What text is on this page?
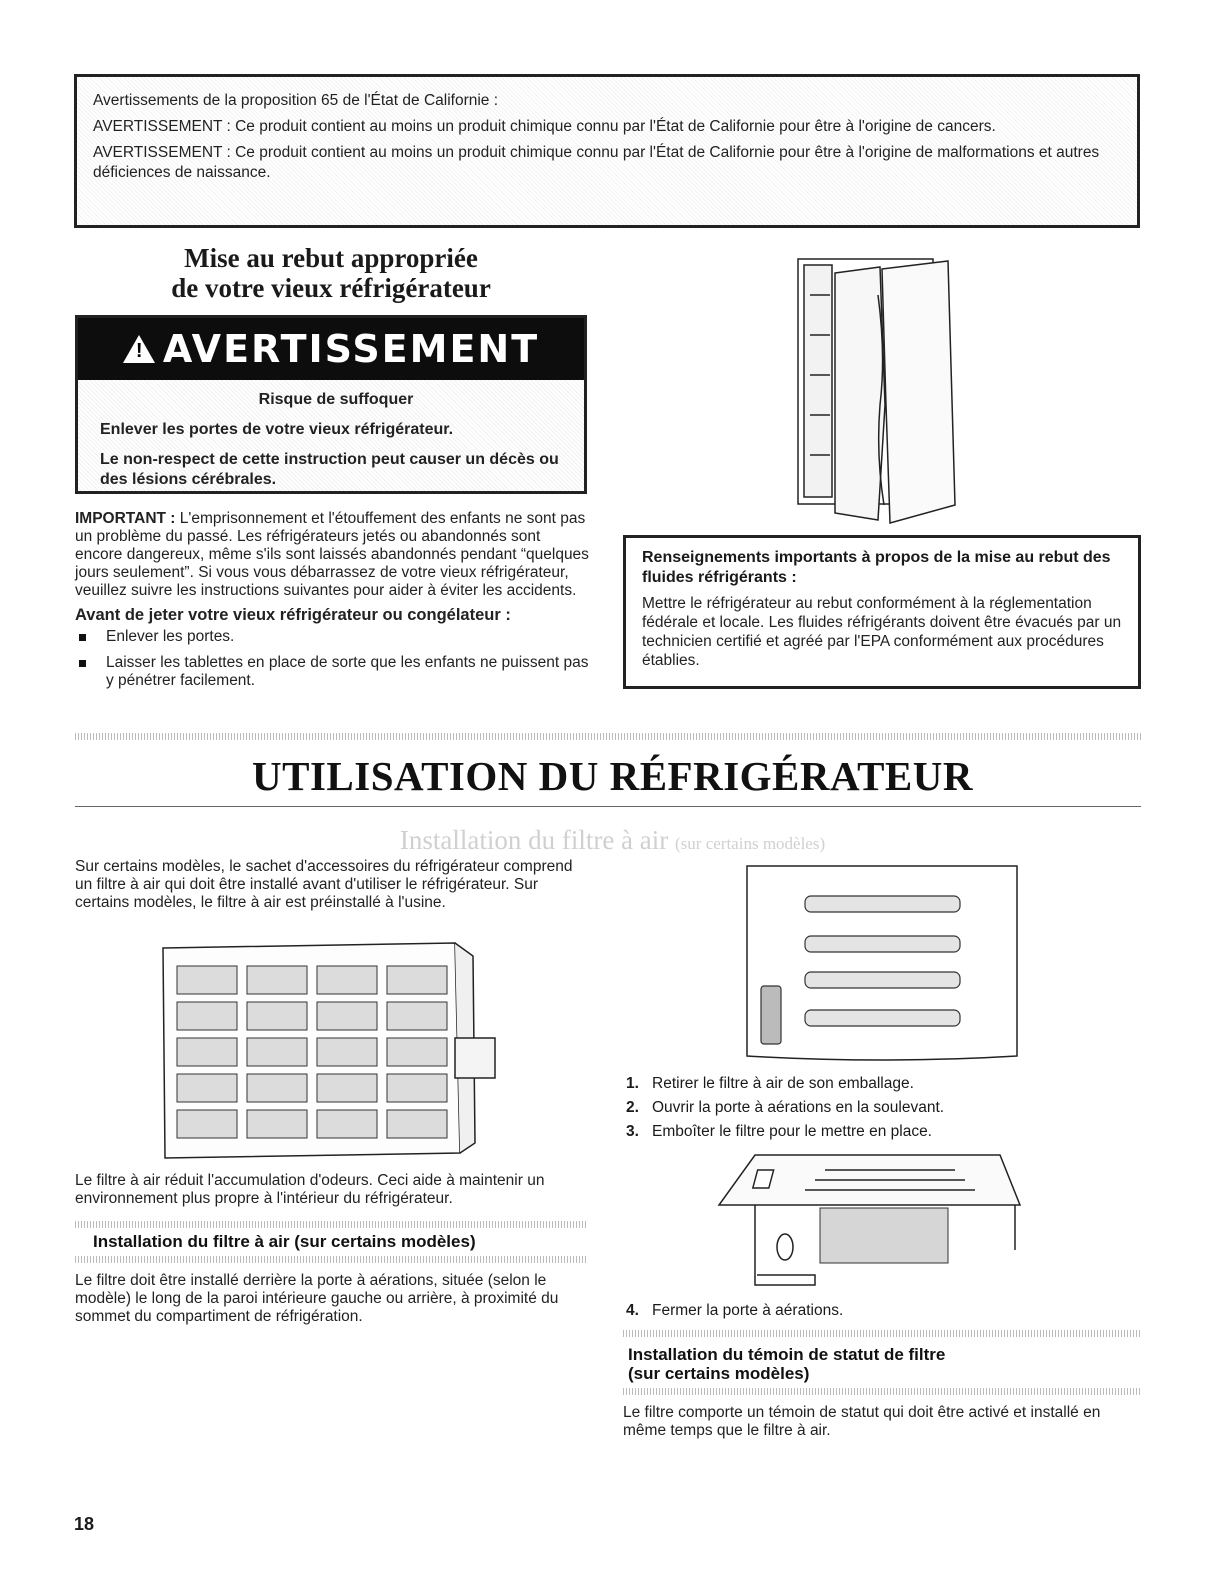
Avertissements de la proposition 65 de l'État de Californie :

AVERTISSEMENT : Ce produit contient au moins un produit chimique connu par l'État de Californie pour être à l'origine de cancers.

AVERTISSEMENT : Ce produit contient au moins un produit chimique connu par l'État de Californie pour être à l'origine de malformations et autres déficiences de naissance.

Mise au rebut appropriée
de votre vieux réfrigérateur
! AVERTISSEMENT

Risque de suffoquer

Enlever les portes de votre vieux réfrigérateur.

Le non-respect de cette instruction peut causer un décès ou des lésions cérébrales.

IMPORTANT : L'emprisonnement et l'étouffement des enfants ne sont pas un problème du passé. Les réfrigérateurs jetés ou abandonnés sont encore dangereux, même s'ils sont laissés abandonnés pendant “quelques jours seulement”. Si vous vous débarrassez de votre vieux réfrigérateur, veuillez suivre les instructions suivantes pour aider à éviter les accidents.

Avant de jeter votre vieux réfrigérateur ou congélateur :

Enlever les portes.
Laisser les tablettes en place de sorte que les enfants ne puissent pas y pénétrer facilement.
Renseignements importants à propos de la mise au rebut des fluides réfrigérants :

Mettre le réfrigérateur au rebut conformément à la réglementation fédérale et locale. Les fluides réfrigérants doivent être évacués par un technicien certifié et agréé par l'EPA conformément aux procédures établies.

UTILISATION DU RÉFRIGÉRATEUR
Installation du filtre à air (sur certains modèles)
Sur certains modèles, le sachet d'accessoires du réfrigérateur comprend un filtre à air qui doit être installé avant d'utiliser le réfrigérateur. Sur certains modèles, le filtre à air est préinstallé à l'usine.
Le filtre à air réduit l'accumulation d'odeurs. Ceci aide à maintenir un environnement plus propre à l'intérieur du réfrigérateur.
Installation du filtre à air (sur certains modèles)
Le filtre doit être installé derrière la porte à aérations, située (selon le modèle) le long de la paroi intérieure gauche ou arrière, à proximité du sommet du compartiment de réfrigération.
1. Retirer le filtre à air de son emballage.
2. Ouvrir la porte à aérations en la soulevant.
3. Emboîter le filtre pour le mettre en place.
4. Fermer la porte à aérations.
Installation du témoin de statut de filtre
(sur certains modèles)
Le filtre comporte un témoin de statut qui doit être activé et installé en même temps que le filtre à air.
18
